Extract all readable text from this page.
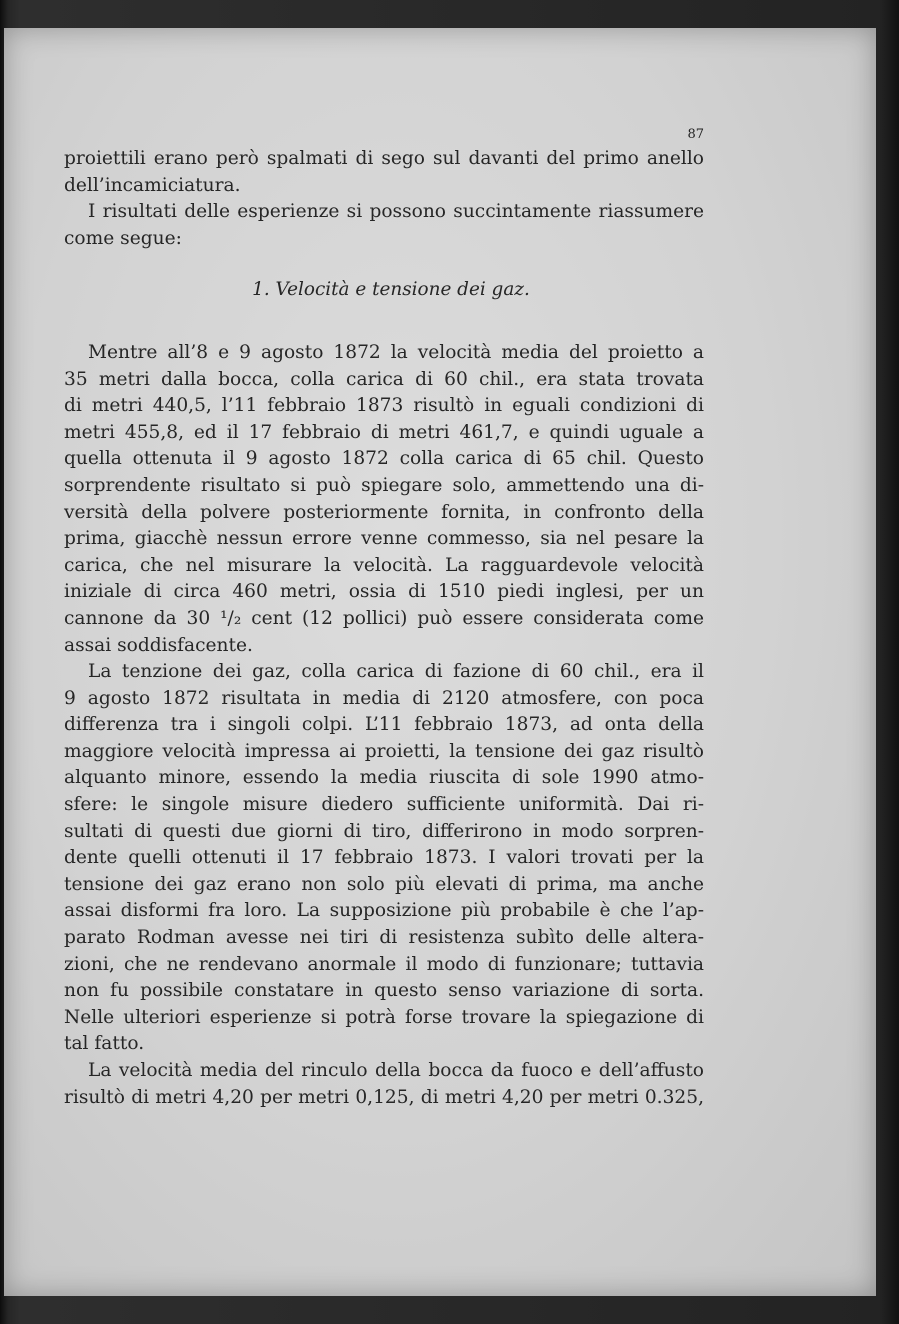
87
proiettili erano però spalmati di sego sul davanti del primo anello
dell’incamiciatura.
I risultati delle esperienze si possono succintamente riassumere
come segue:
1. Velocità e tensione dei gaz.
Mentre all’8 e 9 agosto 1872 la velocità media del proietto a
35 metri dalla bocca, colla carica di 60 chil., era stata trovata
di metri 440,5, l’11 febbraio 1873 risultò in eguali condizioni di
metri 455,8, ed il 17 febbraio di metri 461,7, e quindi uguale a
quella ottenuta il 9 agosto 1872 colla carica di 65 chil. Questo
sorprendente risultato si può spiegare solo, ammettendo una di-
versità della polvere posteriormente fornita, in confronto della
prima, giacchè nessun errore venne commesso, sia nel pesare la
carica, che nel misurare la velocità. La ragguardevole velocità
iniziale di circa 460 metri, ossia di 1510 piedi inglesi, per un
cannone da 30 ¹/₂ cent (12 pollici) può essere considerata come
assai soddisfacente.
La tenzione dei gaz, colla carica di fazione di 60 chil., era il
9 agosto 1872 risultata in media di 2120 atmosfere, con poca
differenza tra i singoli colpi. L’11 febbraio 1873, ad onta della
maggiore velocità impressa ai proietti, la tensione dei gaz risultò
alquanto minore, essendo la media riuscita di sole 1990 atmo-
sfere: le singole misure diedero sufficiente uniformità. Dai ri-
sultati di questi due giorni di tiro, differirono in modo sorpren-
dente quelli ottenuti il 17 febbraio 1873. I valori trovati per la
tensione dei gaz erano non solo più elevati di prima, ma anche
assai disformi fra loro. La supposizione più probabile è che l’ap-
parato Rodman avesse nei tiri di resistenza subìto delle altera-
zioni, che ne rendevano anormale il modo di funzionare; tuttavia
non fu possibile constatare in questo senso variazione di sorta.
Nelle ulteriori esperienze si potrà forse trovare la spiegazione di
tal fatto.
La velocità media del rinculo della bocca da fuoco e dell’affusto
risultò di metri 4,20 per metri 0,125, di metri 4,20 per metri 0.325,
